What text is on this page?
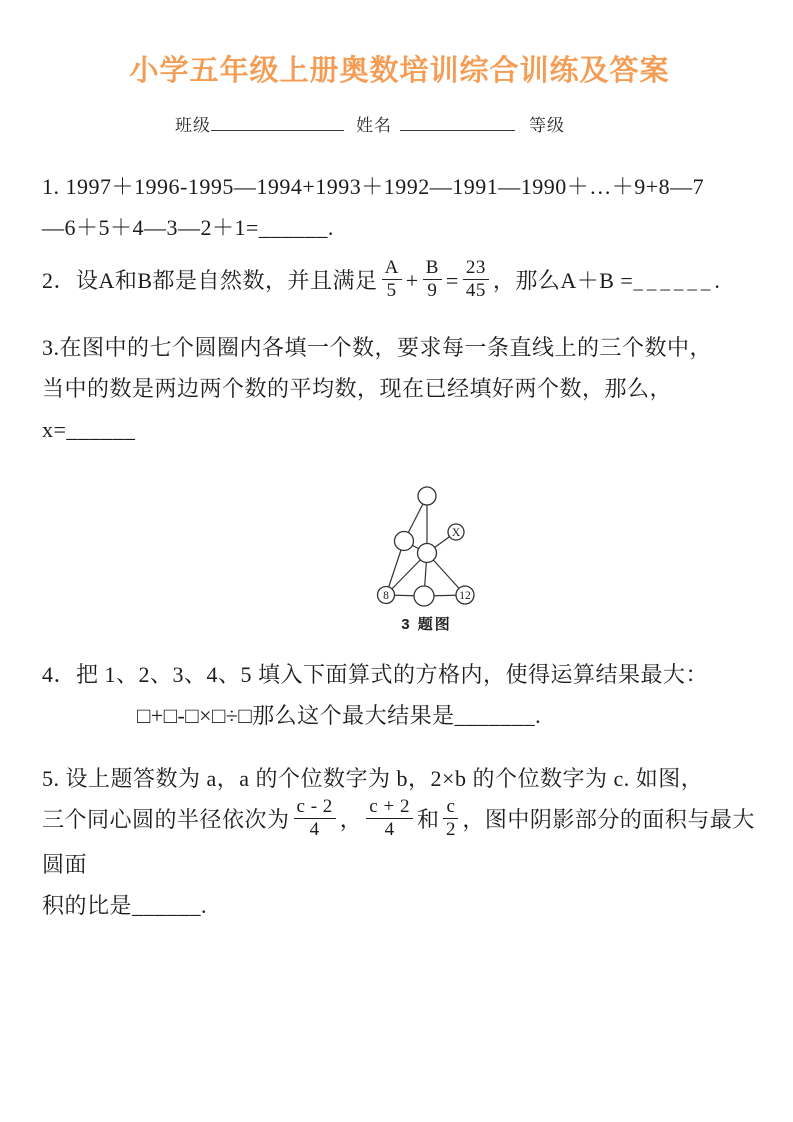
小学五年级上册奥数培训综合训练及答案
班级	姓名	等级

1. 1997＋1996-1995—1994+1993＋1992—1991—1990＋…＋9+8—7
—6＋5＋4—3—2＋1=______.

2．设A和B都是自然数，并且满足 $\frac{A}{5} + \frac{B}{9} = \frac{23}{45}$ ，那么A＋B =______.

3.在图中的七个圆圈内各填一个数，要求每一条直线上的三个数中，
当中的数是两边两个数的平均数，现在已经填好两个数，那么，
x=______

X
8	12
3 题图

4．把 1、2、3、4、5 填入下面算式的方格内，使得运算结果最大：
□+□-□×□÷□那么这个最大结果是_______.

5. 设上题答数为 a，a 的个位数字为 b，2×b 的个位数字为 c. 如图，
三个同心圆的半径依次为 $\frac{c - 2}{4}$ ， $\frac{c + 2}{4}$ 和 $\frac{c}{2}$ ，图中阴影部分的面积与最大圆面
积的比是______.
